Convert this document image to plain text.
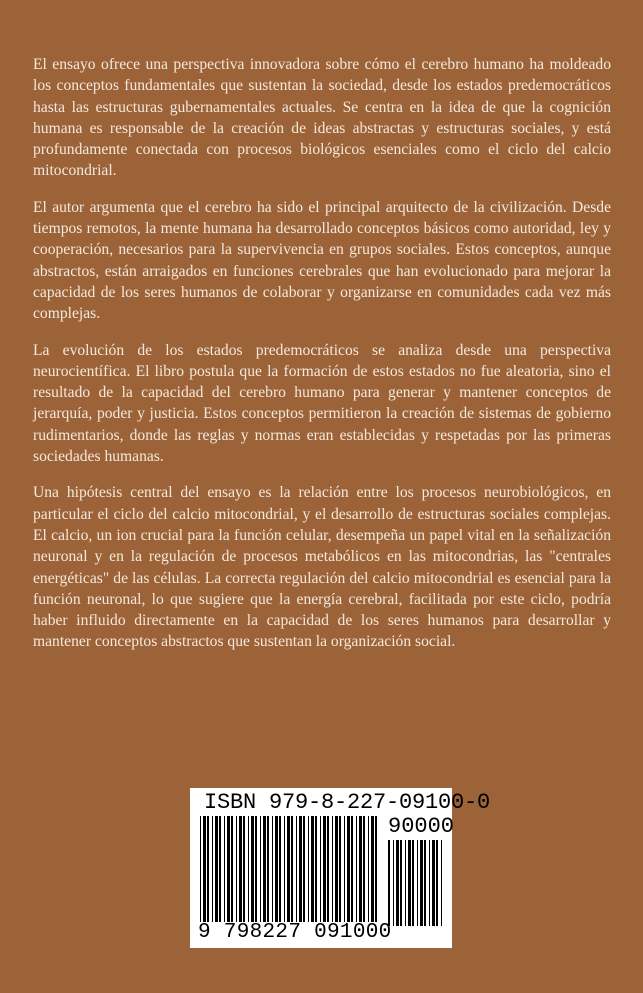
El ensayo ofrece una perspectiva innovadora sobre cómo el cerebro humano ha moldeado los conceptos fundamentales que sustentan la sociedad, desde los estados predemocráticos hasta las estructuras gubernamentales actuales. Se centra en la idea de que la cognición humana es responsable de la creación de ideas abstractas y estructuras sociales, y está profundamente conectada con procesos biológicos esenciales como el ciclo del calcio mitocondrial.

El autor argumenta que el cerebro ha sido el principal arquitecto de la civilización. Desde tiempos remotos, la mente humana ha desarrollado conceptos básicos como autoridad, ley y cooperación, necesarios para la supervivencia en grupos sociales. Estos conceptos, aunque abstractos, están arraigados en funciones cerebrales que han evolucionado para mejorar la capacidad de los seres humanos de colaborar y organizarse en comunidades cada vez más complejas.

La evolución de los estados predemocráticos se analiza desde una perspectiva neurocientífica. El libro postula que la formación de estos estados no fue aleatoria, sino el resultado de la capacidad del cerebro humano para generar y mantener conceptos de jerarquía, poder y justicia. Estos conceptos permitieron la creación de sistemas de gobierno rudimentarios, donde las reglas y normas eran establecidas y respetadas por las primeras sociedades humanas.

Una hipótesis central del ensayo es la relación entre los procesos neurobiológicos, en particular el ciclo del calcio mitocondrial, y el desarrollo de estructuras sociales complejas. El calcio, un ion crucial para la función celular, desempeña un papel vital en la señalización neuronal y en la regulación de procesos metabólicos en las mitocondrias, las "centrales energéticas" de las células. La correcta regulación del calcio mitocondrial es esencial para la función neuronal, lo que sugiere que la energía cerebral, facilitada por este ciclo, podría haber influido directamente en la capacidad de los seres humanos para desarrollar y mantener conceptos abstractos que sustentan la organización social.

ISBN 979-8-227-09100-0
90000
9 798227 091000
